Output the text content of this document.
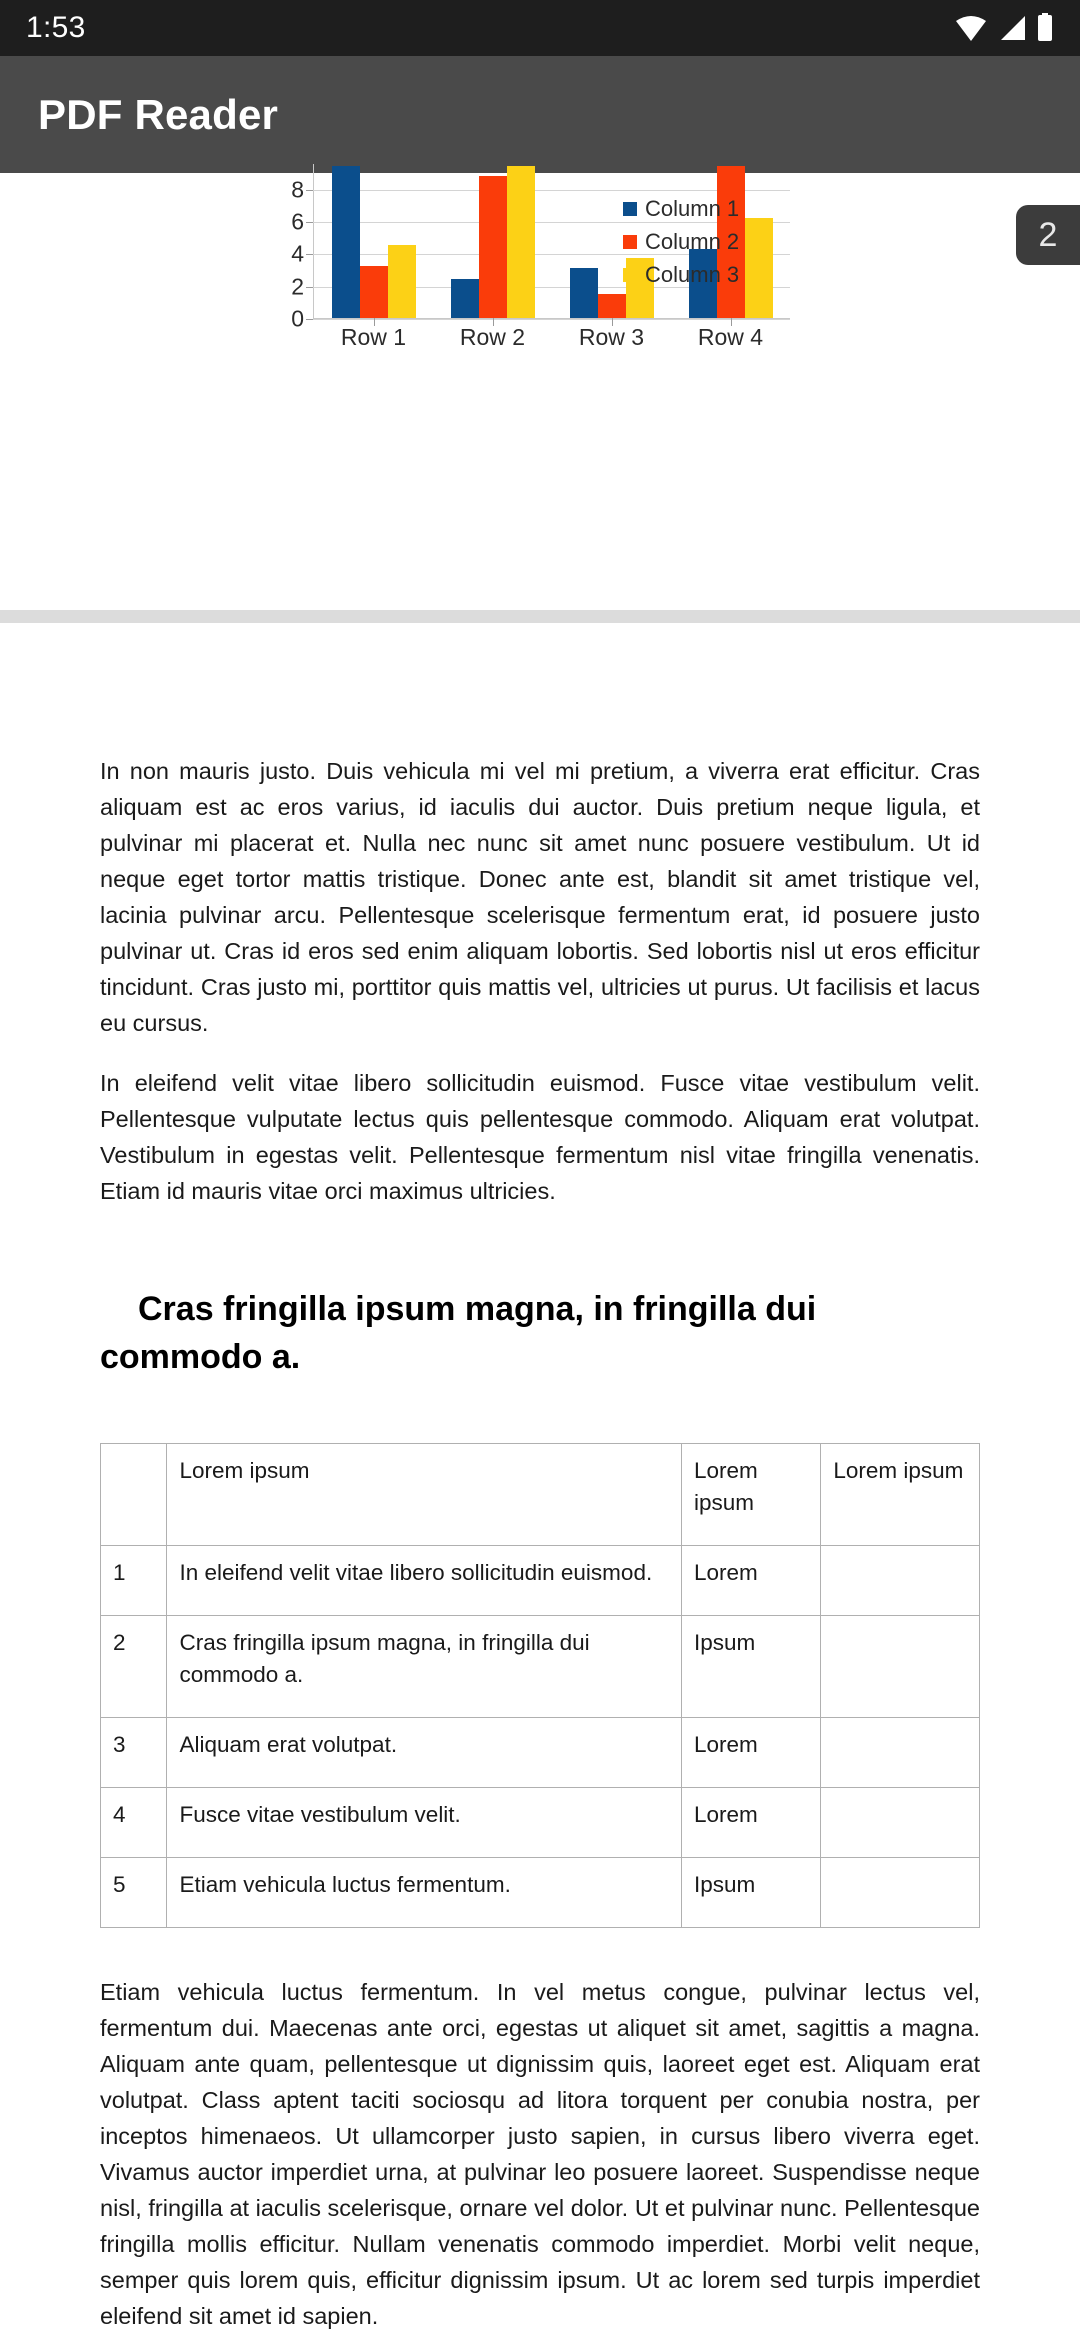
1:53
PDF Reader
2
0
2
4
6
8
Row 1	Row 2	Row 3	Row 4
Column 1
Column 2
Column 3

In non mauris justo. Duis vehicula mi vel mi pretium, a viverra erat efficitur. Cras aliquam est ac eros varius, id iaculis dui auctor. Duis pretium neque ligula, et pulvinar mi placerat et. Nulla nec nunc sit amet nunc posuere vestibulum. Ut id neque eget tortor mattis tristique. Donec ante est, blandit sit amet tristique vel, lacinia pulvinar arcu. Pellentesque scelerisque fermentum erat, id posuere justo pulvinar ut. Cras id eros sed enim aliquam lobortis. Sed lobortis nisl ut eros efficitur tincidunt. Cras justo mi, porttitor quis mattis vel, ultricies ut purus. Ut facilisis et lacus eu cursus.

In eleifend velit vitae libero sollicitudin euismod. Fusce vitae vestibulum velit. Pellentesque vulputate lectus quis pellentesque commodo. Aliquam erat volutpat. Vestibulum in egestas velit. Pellentesque fermentum nisl vitae fringilla venenatis. Etiam id mauris vitae orci maximus ultricies.

Cras fringilla ipsum magna, in fringilla dui commodo a.
	Lorem ipsum	Lorem ipsum	Lorem ipsum
1	In eleifend velit vitae libero sollicitudin euismod.	Lorem	
2	Cras fringilla ipsum magna, in fringilla dui commodo a.	Ipsum	
3	Aliquam erat volutpat.	Lorem	
4	Fusce vitae vestibulum velit.	Lorem	
5	Etiam vehicula luctus fermentum.	Ipsum	

Etiam vehicula luctus fermentum. In vel metus congue, pulvinar lectus vel, fermentum dui. Maecenas ante orci, egestas ut aliquet sit amet, sagittis a magna. Aliquam ante quam, pellentesque ut dignissim quis, laoreet eget est. Aliquam erat volutpat. Class aptent taciti sociosqu ad litora torquent per conubia nostra, per inceptos himenaeos. Ut ullamcorper justo sapien, in cursus libero viverra eget. Vivamus auctor imperdiet urna, at pulvinar leo posuere laoreet. Suspendisse neque nisl, fringilla at iaculis scelerisque, ornare vel dolor. Ut et pulvinar nunc. Pellentesque fringilla mollis efficitur. Nullam venenatis commodo imperdiet. Morbi velit neque, semper quis lorem quis, efficitur dignissim ipsum. Ut ac lorem sed turpis imperdiet eleifend sit amet id sapien.
